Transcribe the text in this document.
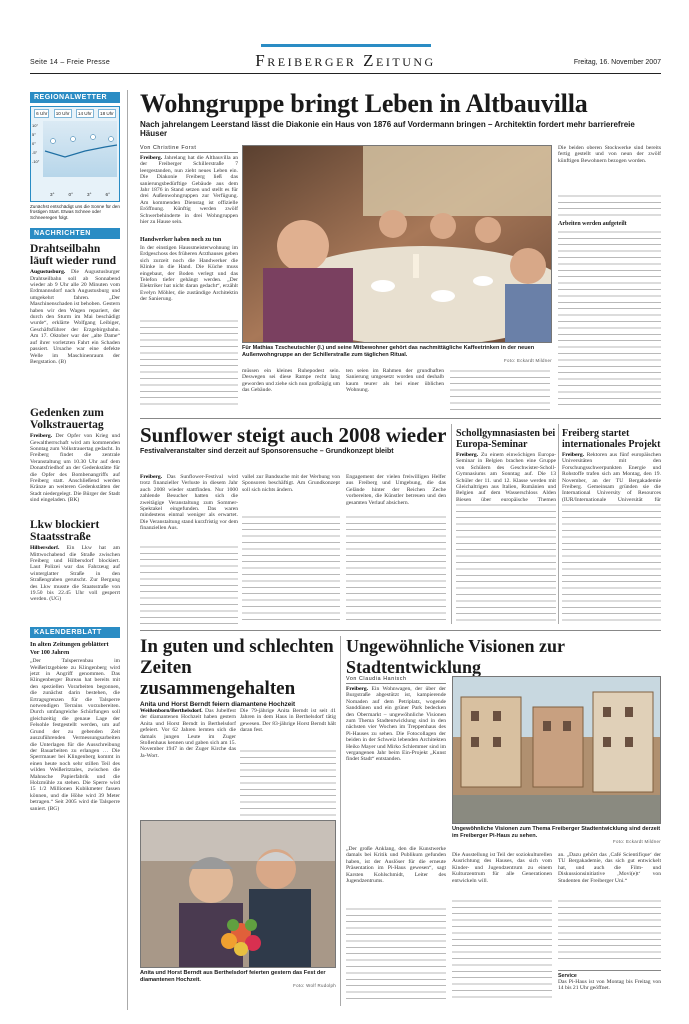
Seite 14 – Freie Presse	Freiberger Zeitung	Freitag, 16. November 2007
REGIONALWETTER
6 Uhr	10 Uhr	14 Uhr	18 Uhr
10°
5°
0°
-5°
-10°
3°	0°	3°	6°
Zunächst entschädigt uns die Sonne für den frostigen Start. Etwas Schnee oder Schneeregen folgt.
NACHRICHTEN
Drahtseilbahn läuft wieder rund
Augustusburg. Die Augustusburger Drahtseilbahn soll ab Sonnabend wieder ab 9 Uhr alle 20 Minuten vom Erdmannsdorf nach Augustusburg und umgekehrt fahren. „Der Maschinenschaden ist behoben. Gestern haben wir den Wagen repariert, der durch den Sturm im Mai beschädigt wurde“, erklärte Wolfgang Leibiger, Geschäftsführer der Erzgebirgsbahn. Am 17. Oktober war der „alte Dame“ auf ihrer vorletzten Fahrt ein Schaden passiert. Ursache war eine defekte Welle im Maschinenraum der Bergstation. (B)
Gedenken zum Volkstrauertag
Freiberg. Der Opfer von Krieg und Gewaltherrschaft wird am kommenden Sonntag zum Volkstrauertag gedacht. In Freiberg findet die zentrale Veranstaltung um 10.30 Uhr auf dem Donatsfriedhof an der Gedenkstätte für die Opfer des Bombenangriffs auf Freiberg statt. Anschließend werden Kränze an weiteren Gedenkstätten der Stadt niedergelegt. Die Bürger der Stadt sind eingeladen. (BK)
Lkw blockiert Staatsstraße
Hilbersdorf. Ein Lkw hat am Mittwochabend die Straße zwischen Freiberg und Hilbersdorf blockiert. Laut Polizei war das Fahrzeug auf winterglatter Straße in den Straßengraben gerutscht. Zur Bergung des Lkw musste die Staatsstraße von 19.50 bis 22.45 Uhr voll gesperrt werden. (UG)
KALENDERBLATT
In alten Zeitungen geblättert
Vor 100 Jahren
„Der Talsperrenbau im Weißeritzgebiete zu Klingenberg wird jetzt in Angriff genommen. Das Klingenberger Bureau hat bereits mit den speziellen Vorarbeiten begonnen, die zunächst darin bestehen, die Ertragsgrenzen für die Talsperre notwendigen Terrains vorzubereiten. Durch umfangreiche Schürfungen soll gleichzeitig die genaue Lage der Felsohle festgestellt werden, um auf Grund der zu gebenden Zeit auszuführenden Vermessungsarbeiten die Unterlagen für die Ausschreibung der Bauarbeiten zu erlangen … Die Sperrmauer bei Klingenberg kommt in einen heute noch sehr stillen Teil des wilden Weißeritztales, zwischen die Mahnsche Papierfabrik und die Holzmühle zu stehen. Die Sperre wird 15 1/2 Millionen Kubikmeter fassen können, und die Höhe wird 39 Meter betragen.“ Seit 2005 wird die Talsperre saniert. (BG)
Wohngruppe bringt Leben in Altbauvilla
Nach jahrelangem Leerstand lässt die Diakonie ein Haus von 1876 auf Vordermann bringen – Architektin fordert mehr barrierefreie Häuser
Von Christine Forst
Freiberg. Jahrelang hat die Altbauvilla an der Freiberger Schillerstraße 7 leergestanden, nun zieht neues Leben ein. Die Diakonie Freiberg ließ das sanierungsbedürftige Gebäude aus dem Jahr 1876 in Stand setzen und stellt es für drei Außenwohngruppen zur Verfügung. Am kommenden Dienstag ist offizielle Eröffnung. Künftig werden zwölf Schwerbehinderte in drei Wohngruppen hier zu Hause sein.
Handwerker haben noch zu tun
In der einstigen Haussmeisterwohnung im Erdgeschoss des früheren Arzthauses geben sich zurzeit noch die Handwerker die Klinke in die Hand. Die Küche muss eingebaut, der Boden verlegt und das Telefon tiefer gehängt werden. „Der Elektriker hat nicht daran gedacht“, erzählt Evelyn Möhler, die zuständige Architektin der Sanierung.
Für Mathias Tzscheutschler (l.) und seine Mitbewohner gehört das nachmittägliche Kaffeetrinken in der neuen Außenwohngruppe an der Schillerstraße zum täglichen Ritual.
Foto: Eckardt Mildner
müssen ein kleines Ruhepodest sein. Deswegen sei diese Rampe recht lang geworden und ziehe sich nun großzügig um das Gebäude.
ten seien im Rahmen der grundhaften Sanierung umgesetzt worden und deshalb kaum teurer als bei einer üblichen Wohnung.
Die beiden oberen Stockwerke sind bereits fertig gestellt und von neun der zwölf künftigen Bewohnern bezogen worden.
Arbeiten werden aufgeteilt
Sunflower steigt auch 2008 wieder
Festivalveranstalter sind derzeit auf Sponsorensuche – Grundkonzept bleibt
Freiberg. Das Sunflower-Festival wird trotz finanzieller Verluste in diesem Jahr auch 2008 wieder stattfinden. Nur 1000 zahlende Besucher hatten sich die zweitägige Veranstaltung zum Sommer-Spektakel eingefunden. Das waren mindestens einmal weniger als erwartet. Die Veranstaltung stand kurzfristig vor dem finanziellen Aus.
vallel zur Bandsuche mit der Werbung von Sponsoren beschäftigt. Am Grundkonzept soll sich nichts ändern.
Engagement der vielen freiwilligen Helfer aus Freiberg und Umgebung, die das Gelände hinter der Reichen Zeche vorbereiten, die Künstler betreuen und den gesamten Verlauf absichern.
Schollgymnasiasten bei Europa-Seminar
Freiberg. Zu einem einwöchigen Europa-Seminar in Belgien brachen eine Gruppe von Schülern des Geschwister-Scholl-Gymnasiums am Sonntag auf. Die 13 Schüler der 11. und 12. Klasse werden mit Gleichaltrigen aus Italien, Rumänien und Belgien auf dem Wasserschloss Alden Biesen über europäische Themen
Freiberg startet internationales Projekt
Freiberg. Rektoren aus fünf europäischen Universitäten mit den Forschungsschwerpunkten Energie und Rohstoffe trafen sich am Montag, den 19. November, an der TU Bergakademie Freiberg. Gemeinsam gründen sie die International University of Resources (IUR/Internationale Universität für
In guten und schlechten Zeiten zusammengehalten
Anita und Horst Berndt feiern diamantene Hochzeit
Weißenborn/Berthelsdorf. Das Jubelfest der diamantenen Hochzeit haben gestern Anita und Horst Berndt in Berthelsdorf gefeiert. Vor 62 Jahren lernten sich die damals jungen Leute im Zuger Stollenhaus kennen und gaben sich am 15. November 1947 in der Zuger Kirche das Ja-Wort.
Die 79-jährige Anita Berndt ist seit 41 Jahren in dem Haus in Berthelsdorf tätig gewesen. Der 83-jährige Horst Berndt hält daran fest.
Anita und Horst Berndt aus Berthelsdorf feierten gestern das Fest der diamantenen Hochzeit.
Foto: Wolf Rudolph
Ungewöhnliche Visionen zur Stadtentwicklung
Von Claudia Hanisch
Freiberg. Ein Wohnwagen, der über der Burgstraße abgestützt ist, kampierende Nomaden auf dem Petriplatz, wogende Sanddünen und ein grüner Park bedecken den Obermarkt – ungewöhnliche Visionen zum Thema Stadtentwicklung sind in den nächsten vier Wochen im Treppenhaus des Pi-Hauses zu sehen. Die Fotocollagen der beiden in der Schweiz lebenden Architekten Heiko Mayer und Mirko Schlemmer sind im vergangenen Jahr beim Ein-Projekt „Kunst findet Stadt“ entstanden.
„Der große Anklang, den die Kunstwerke damals bei Kritik und Publikum gefunden haben, ist der Auslöser für die erneute Präsentation im Pi-Haus gewesen“, sagt Karsten Kohlschmidt, Leiter des Jugendzentrums.
Ungewöhnliche Visionen zum Thema Freiberger Stadtentwicklung sind derzeit im Freiberger Pi-Haus zu sehen.
Foto: Eckardt Mildner
Die Ausstellung ist Teil der soziokulturellen Ausrichtung des Hauses, das sich vom Kinder- und Jugendzentrum zu einem Kulturzentrum für alle Generationen entwickeln will.
an. „Dazu gehört das ‚Café Scientifique‘ der TU Bergakademie, das sich gut entwickelt hat, und auch die Film- und Diskussionsinitiative ‚Movi(e)t‘ von Studenten der Freiberger Uni.“
Service
Das Pi-Haus ist von Montag bis Freitag von 14 bis 21 Uhr geöffnet.
